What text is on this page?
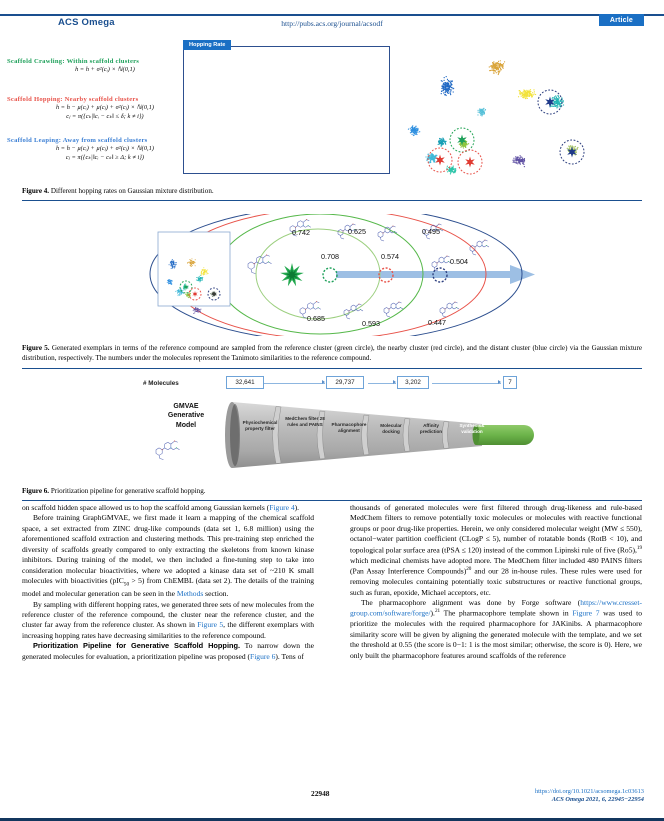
ACS Omega	http://pubs.acs.org/journal/acsodf	Article
Hopping Rate
Scaffold Crawling: Within scaffold clusters
h = h + σ²(cᵢ) × ℕ(0,1)
Scaffold Hopping: Nearby scaffold clusters
h = h − μ(cᵢ) + μ(cⱼ) + σ²(cⱼ) × ℕ(0,1)
cⱼ = π({cₖ|‖cᵢ − cₖ‖ ≤ δ; k ≠ i})
Scaffold Leaping: Away from scaffold clusters
h = h − μ(cᵢ) + μ(cⱼ) + σ²(cⱼ) × ℕ(0,1)
cⱼ = π({cₖ|‖cᵢ − cₖ‖ ≥ Δ; k ≠ i})
Figure 4. Different hopping rates on Gaussian mixture distribution.
0.742
0.708
0.685
0.625
0.593
0.574
0.495
0.504
0.447
Figure 5. Generated exemplars in terms of the reference compound are sampled from the reference cluster (green circle), the nearby cluster (red circle), and the distant cluster (blue circle) via the Gaussian mixture distribution, respectively. The numbers under the molecules represent the Tanimoto similarities to the reference compound.
# Molecules	32,641	29,737	3,202	7
GMVAE
Generative
Model	Physiochemical property filter
MedChem filter 28 rules and PAINS	Pharmacophore alignment
Molecular docking
Affinity prediction
Synthesis& validation
Figure 6. Prioritization pipeline for generative scaffold hopping.

on scaffold hidden space allowed us to hop the scaffold among Gaussian kernels (Figure 4).

Before training GraphGMVAE, we first made it learn a mapping of the chemical scaffold space, a set extracted from ZINC drug-like compounds (data set 1, 6.8 million) using the aforementioned scaffold extraction and clustering methods. This pre-training step enriched the diversity of scaffolds greatly compared to only extracting the skeletons from known kinase inhibitors. During training of the model, we then included a fine-tuning step to take into consideration molecular bioactivities, where we adopted a kinase data set of ~210 K small molecules with bioactivities (pIC$_{50}$ > 5) from ChEMBL (data set 2). The details of the training model and molecular generation can be seen in the Methods section.

By sampling with different hopping rates, we generated three sets of new molecules from the reference cluster of the reference compound, the cluster near the reference cluster, and the cluster far away from the reference cluster. As shown in Figure 5, the different exemplars with increasing hopping rates have decreasing similarities to the reference compound.

Prioritization Pipeline for Generative Scaffold Hopping. To narrow down the generated molecules for evaluation, a prioritization pipeline was proposed (Figure 6). Tens of

thousands of generated molecules were first filtered through drug-likeness and rule-based MedChem filters to remove potentially toxic molecules or molecules with reactive functional groups or poor drug-like properties. Herein, we only considered molecular weight (MW ≤ 550), octanol−water partition coefficient (CLogP ≤ 5), number of rotatable bonds (RotB < 10), and topological polar surface area (tPSA ≤ 120) instead of the common Lipinski rule of five (Ro5),$^{19}$ which medicinal chemists have adopted more. The MedChem filter included 480 PAINS filters (Pan Assay Interference Compounds)$^{20}$ and our 28 in-house rules. These rules were used for removing molecules containing potentially toxic substructures or reactive functional groups, such as furan, epoxide, Michael acceptors, etc.

The pharmacophore alignment was done by Forge software (https://www.cresset-group.com/software/forge/).$^{21}$ The pharmacophore template shown in Figure 7 was used to prioritize the molecules with the required pharmacophore for JAKinibs. A pharmacophore similarity score will be given by aligning the generated molecule with the template, and we set the threshold at 0.55 (the score is 0−1: 1 is the most similar; otherwise, the score is 0). Here, we only built the pharmacophore features around scaffolds of the reference

22948	https://doi.org/10.1021/acsomega.1c03613
ACS Omega 2021, 6, 22945−22954
